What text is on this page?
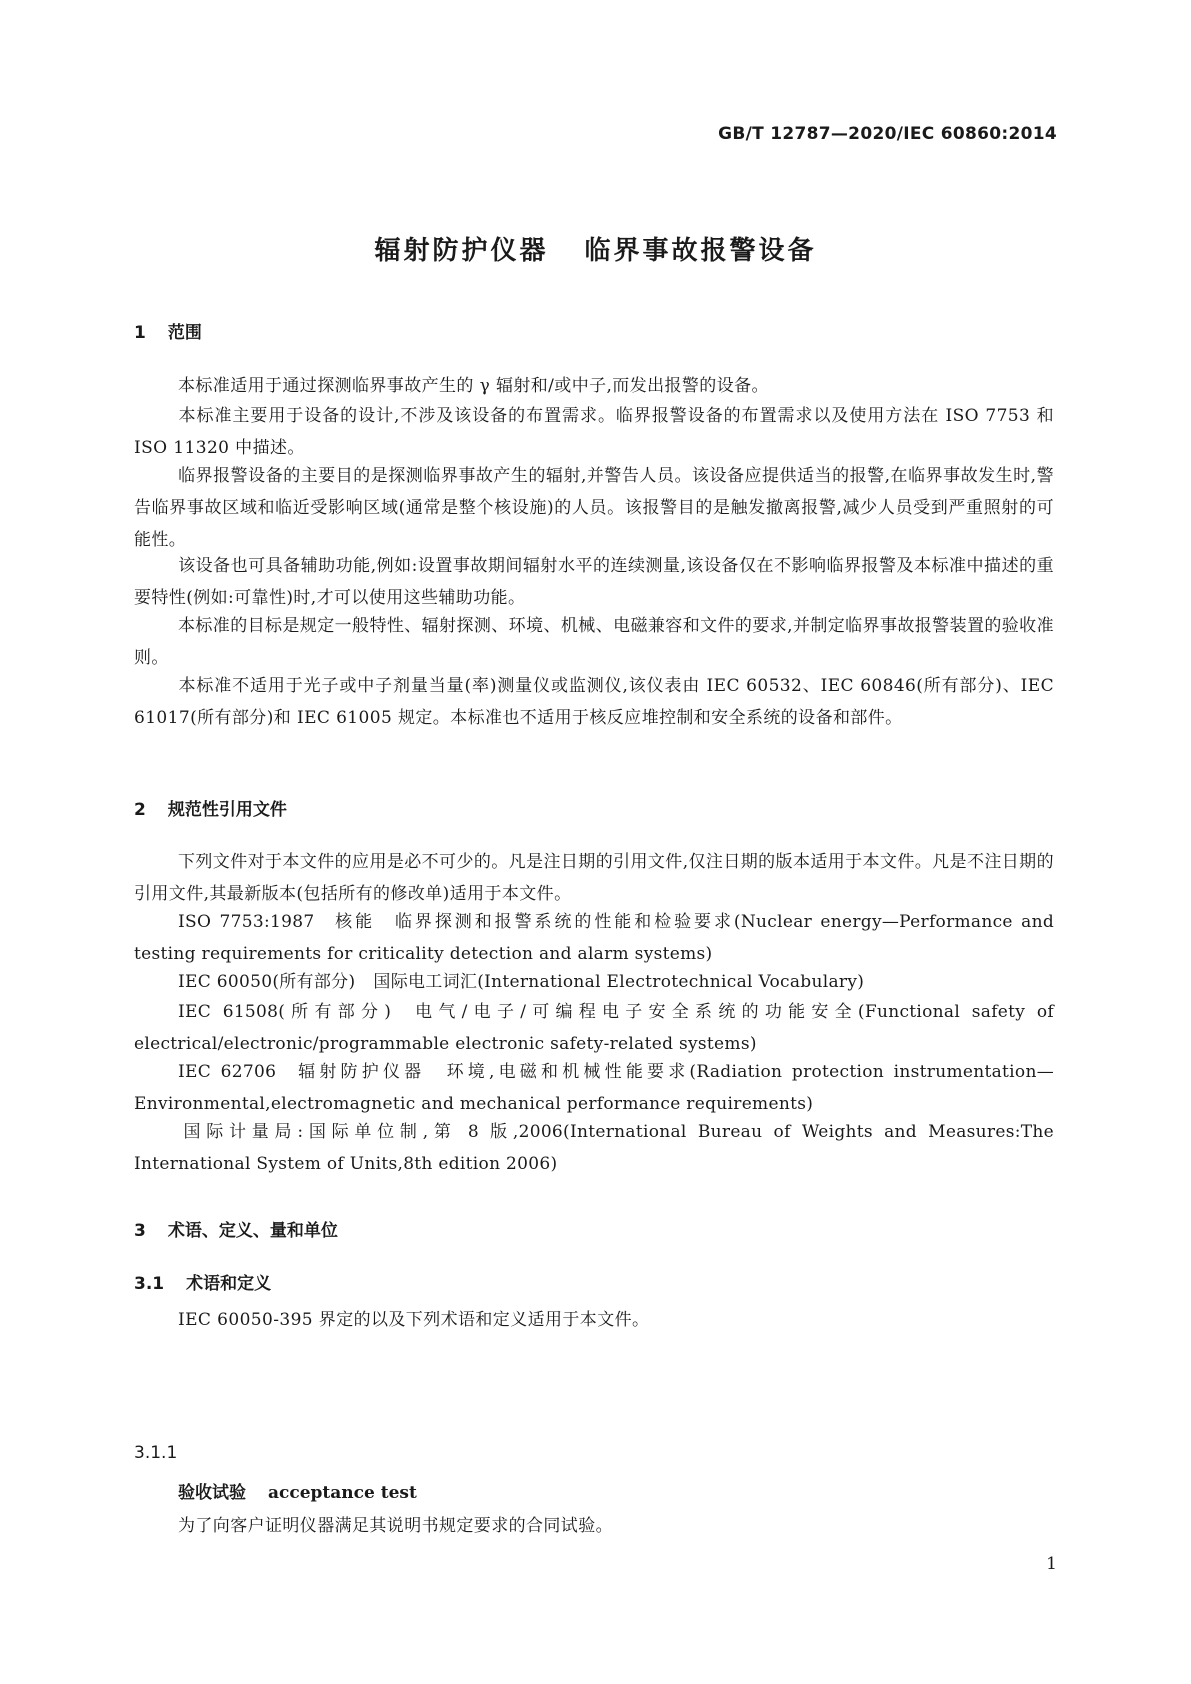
GB/T 12787—2020/IEC 60860:2014
辐射防护仪器 临界事故报警设备
1 范围
本标准适用于通过探测临界事故产生的 γ 辐射和/或中子,而发出报警的设备。
本标准主要用于设备的设计,不涉及该设备的布置需求。临界报警设备的布置需求以及使用方法在 ISO 7753 和 ISO 11320 中描述。
临界报警设备的主要目的是探测临界事故产生的辐射,并警告人员。该设备应提供适当的报警,在临界事故发生时,警告临界事故区域和临近受影响区域(通常是整个核设施)的人员。该报警目的是触发撤离报警,减少人员受到严重照射的可能性。
该设备也可具备辅助功能,例如:设置事故期间辐射水平的连续测量,该设备仅在不影响临界报警及本标准中描述的重要特性(例如:可靠性)时,才可以使用这些辅助功能。
本标准的目标是规定一般特性、辐射探测、环境、机械、电磁兼容和文件的要求,并制定临界事故报警装置的验收准则。
本标准不适用于光子或中子剂量当量(率)测量仪或监测仪,该仪表由 IEC 60532、IEC 60846(所有部分)、IEC 61017(所有部分)和 IEC 61005 规定。本标准也不适用于核反应堆控制和安全系统的设备和部件。
2 规范性引用文件
下列文件对于本文件的应用是必不可少的。凡是注日期的引用文件,仅注日期的版本适用于本文件。凡是不注日期的引用文件,其最新版本(包括所有的修改单)适用于本文件。
ISO 7753:1987 核能　临界探测和报警系统的性能和检验要求(Nuclear energy—Performance and testing requirements for criticality detection and alarm systems)
IEC 60050(所有部分) 国际电工词汇(International Electrotechnical Vocabulary)
IEC 61508(所有部分) 电气/电子/可编程电子安全系统的功能安全(Functional safety of electrical/electronic/programmable electronic safety-related systems)
IEC 62706 辐射防护仪器　环境,电磁和机械性能要求(Radiation protection instrumentation—Environmental,electromagnetic and mechanical performance requirements)
国际计量局:国际单位制,第 8 版,2006(International Bureau of Weights and Measures:The International System of Units,8th edition 2006)
3 术语、定义、量和单位
3.1 术语和定义
IEC 60050-395 界定的以及下列术语和定义适用于本文件。
3.1.1
验收试验 acceptance test
为了向客户证明仪器满足其说明书规定要求的合同试验。
1
